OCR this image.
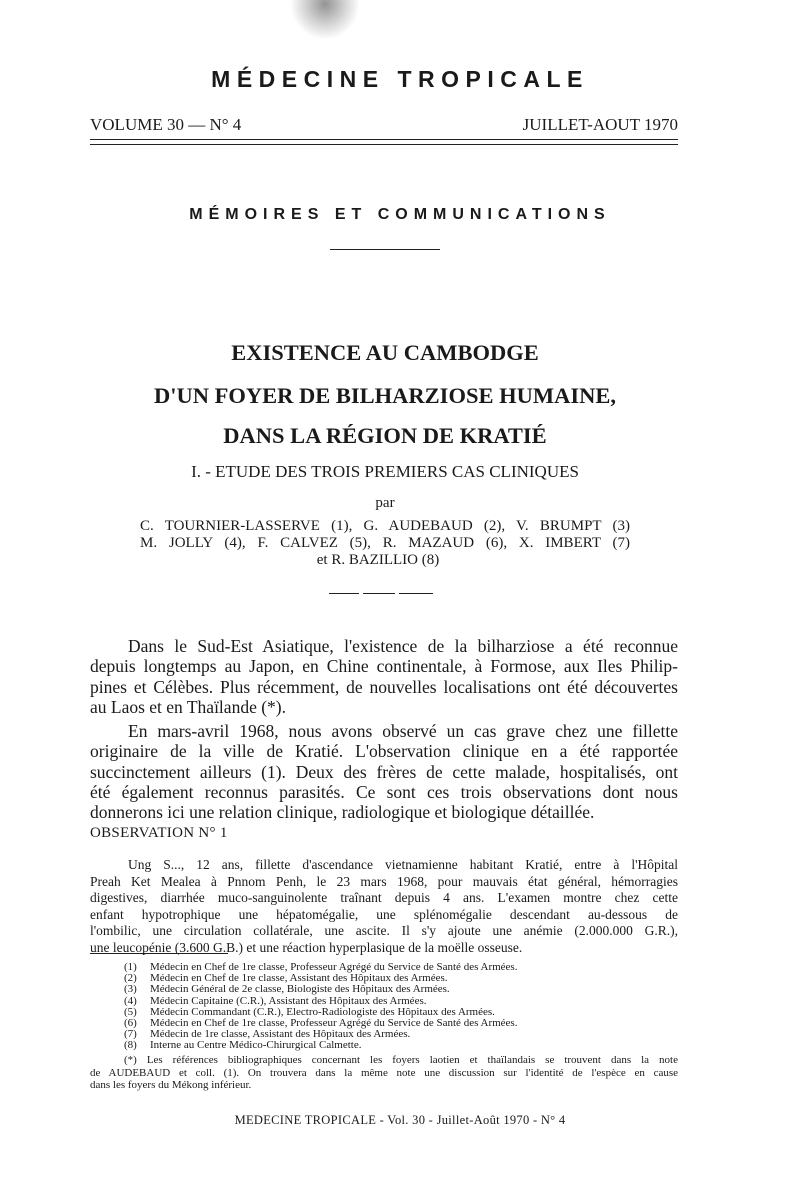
MÉDECINE TROPICALE
VOLUME 30 — N° 4	JUILLET-AOUT 1970
MÉMOIRES ET COMMUNICATIONS
EXISTENCE AU CAMBODGE
D'UN FOYER DE BILHARZIOSE HUMAINE,
DANS LA RÉGION DE KRATIÉ
I. - ETUDE DES TROIS PREMIERS CAS CLINIQUES
par
C. TOURNIER-LASSERVE (1), G. AUDEBAUD (2), V. BRUMPT (3)
M. JOLLY (4), F. CALVEZ (5), R. MAZAUD (6), X. IMBERT (7)
et R. BAZILLIO (8)

Dans le Sud-Est Asiatique, l'existence de la bilharziose a été reconnue
depuis longtemps au Japon, en Chine continentale, à Formose, aux Iles Philip-
pines et Célèbes. Plus récemment, de nouvelles localisations ont été découvertes
au Laos et en Thaïlande (*).

En mars-avril 1968, nous avons observé un cas grave chez une fillette
originaire de la ville de Kratié. L'observation clinique en a été rapportée
succinctement ailleurs (1). Deux des frères de cette malade, hospitalisés, ont
été également reconnus parasités. Ce sont ces trois observations dont nous
donnerons ici une relation clinique, radiologique et biologique détaillée.

OBSERVATION N° 1
Ung S..., 12 ans, fillette d'ascendance vietnamienne habitant Kratié, entre à l'Hôpital
Preah Ket Mealea à Pnnom Penh, le 23 mars 1968, pour mauvais état général, hémorragies
digestives, diarrhée muco-sanguinolente traînant depuis 4 ans. L'examen montre chez cette
enfant hypotrophique une hépatomégalie, une splénomégalie descendant au-dessous de
l'ombilic, une circulation collatérale, une ascite. Il s'y ajoute une anémie (2.000.000 G.R.),
une leucopénie (3.600 G.B.) et une réaction hyperplasique de la moëlle osseuse.
(1)	Médecin en Chef de 1re classe, Professeur Agrégé du Service de Santé des Armées.
(2)	Médecin en Chef de 1re classe, Assistant des Hôpitaux des Armées.
(3)	Médecin Général de 2e classe, Biologiste des Hôpitaux des Armées.
(4)	Médecin Capitaine (C.R.), Assistant des Hôpitaux des Armées.
(5)	Médecin Commandant (C.R.), Electro-Radiologiste des Hôpitaux des Armées.
(6)	Médecin en Chef de 1re classe, Professeur Agrégé du Service de Santé des Armées.
(7)	Médecin de 1re classe, Assistant des Hôpitaux des Armées.
(8)	Interne au Centre Médico-Chirurgical Calmette.
(*) Les références bibliographiques concernant les foyers laotien et thaïlandais se trouvent dans la note
de AUDEBAUD et coll. (1). On trouvera dans la même note une discussion sur l'identité de l'espèce en cause
dans les foyers du Mékong inférieur.
MEDECINE TROPICALE - Vol. 30 - Juillet-Août 1970 - N° 4
